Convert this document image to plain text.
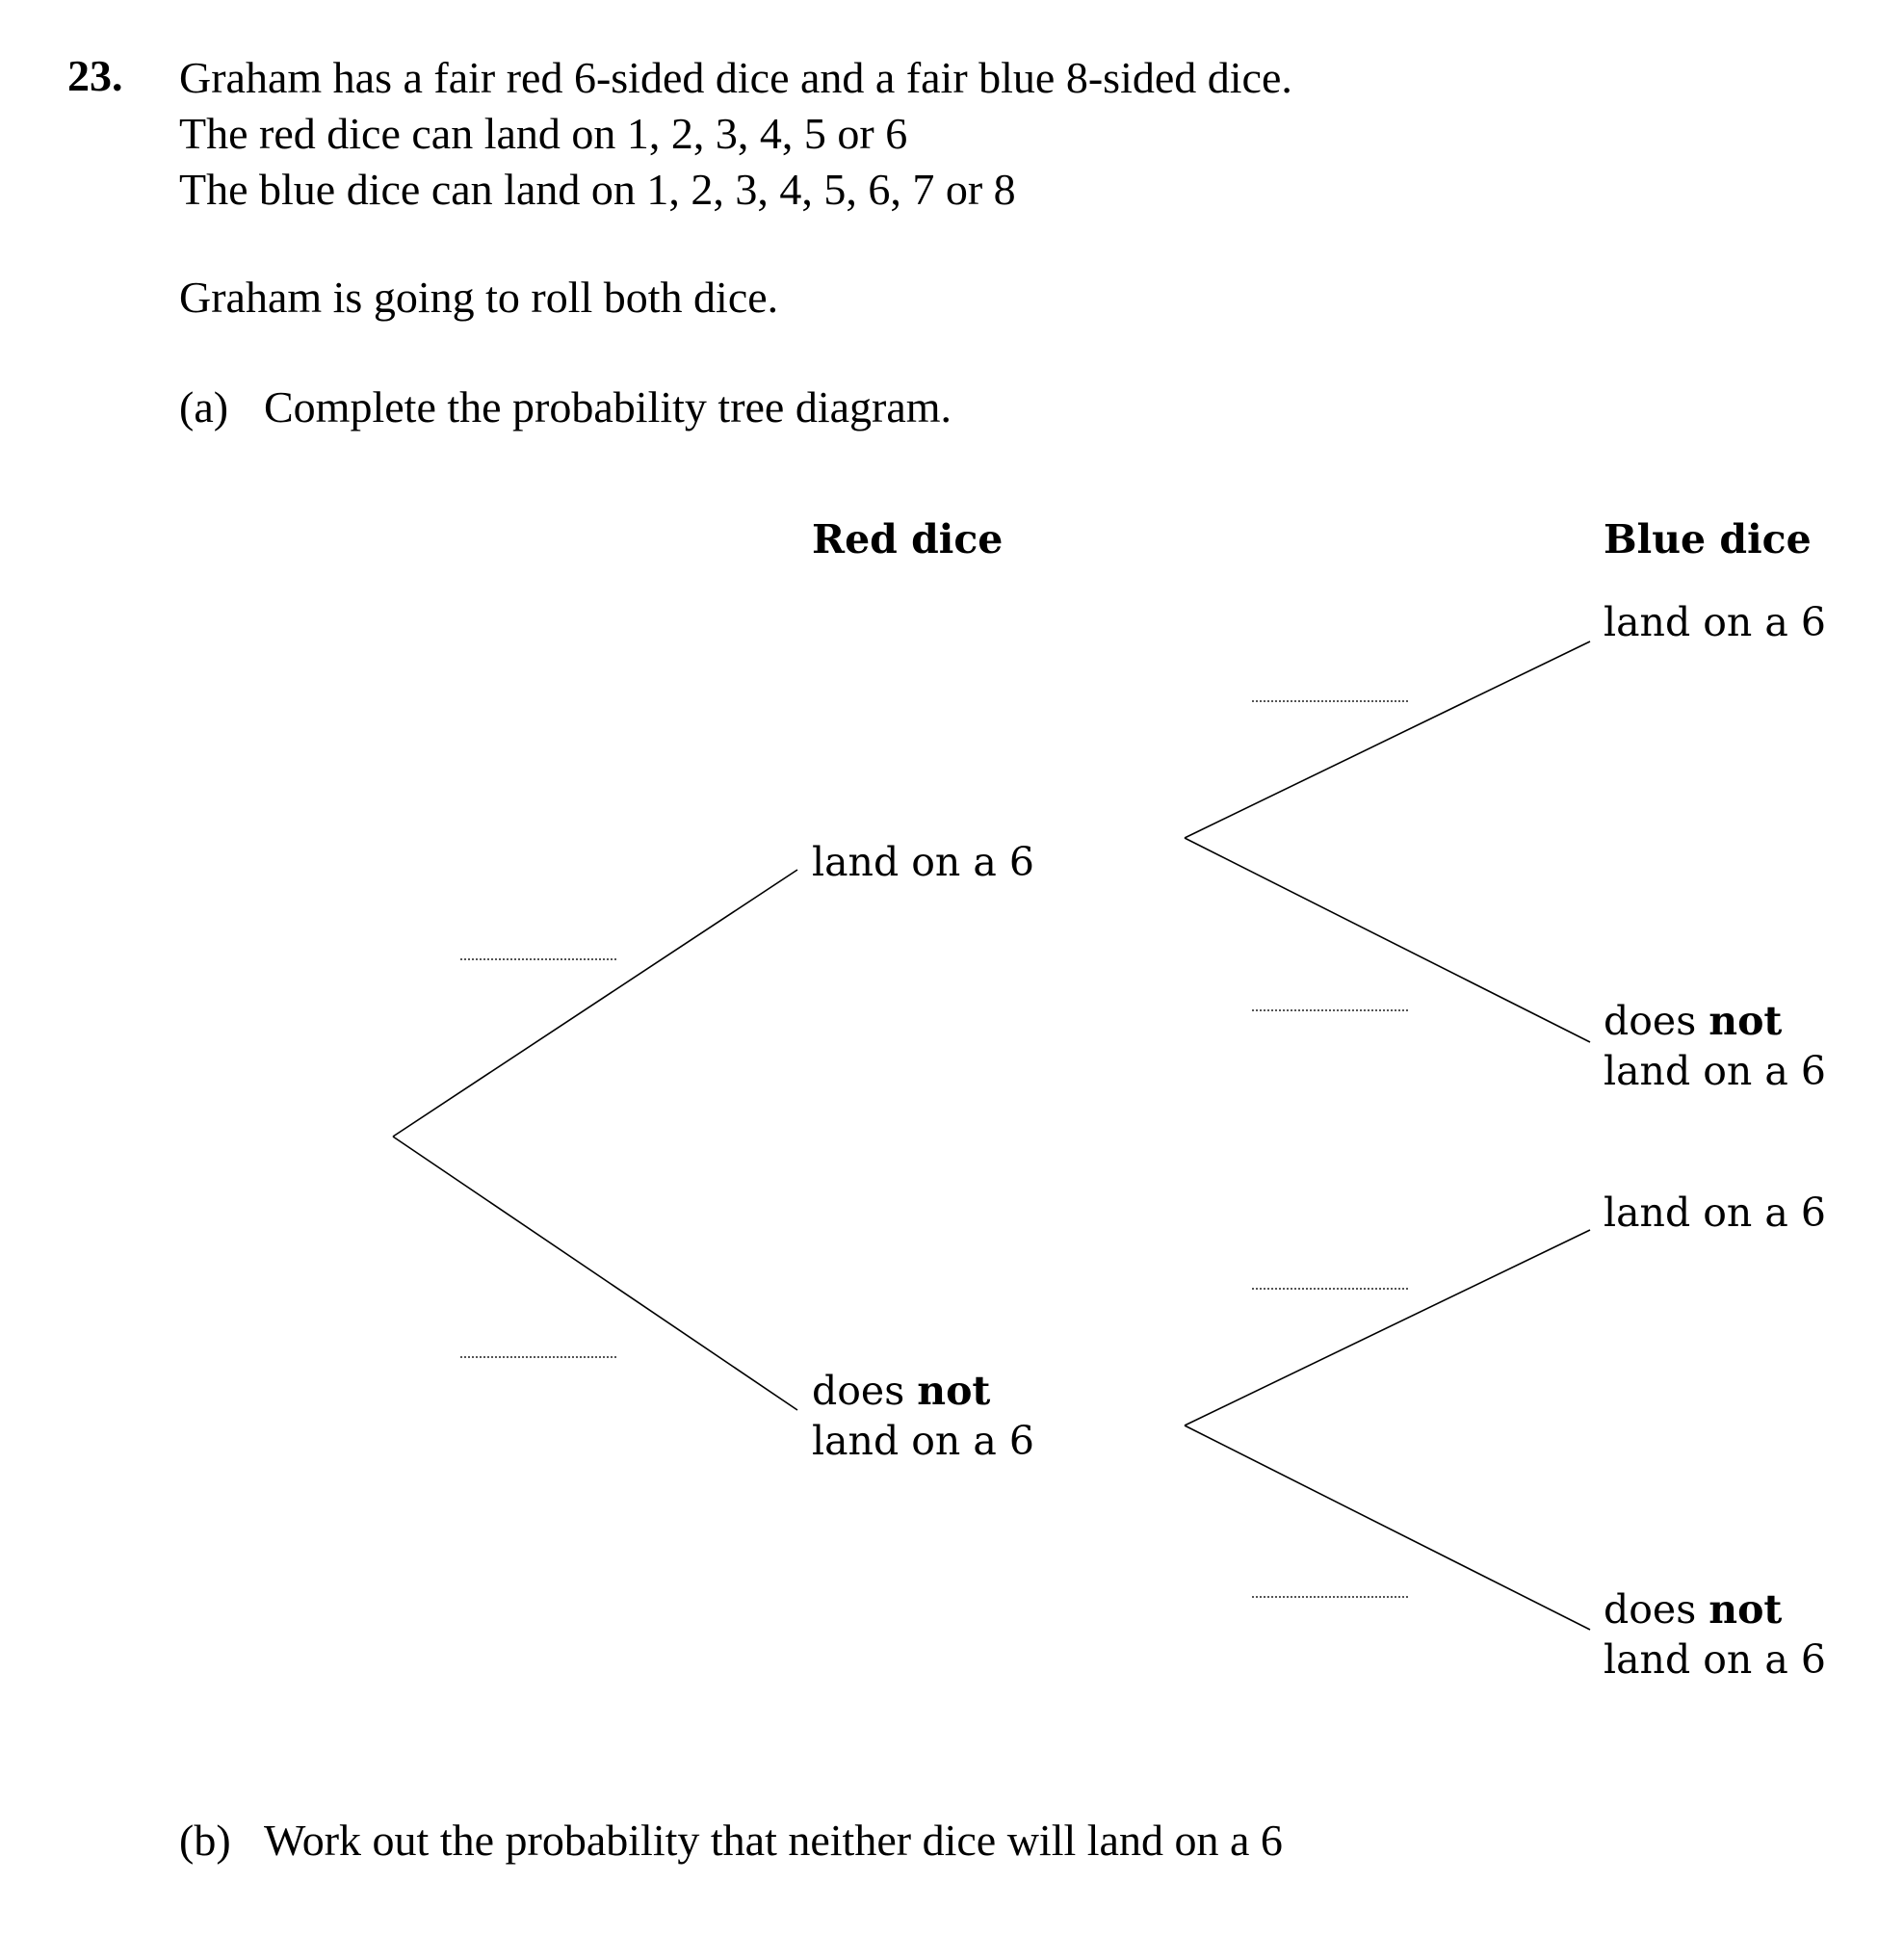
23. Graham has a fair red 6-sided dice and a fair blue 8-sided dice.
The red dice can land on 1, 2, 3, 4, 5 or 6
The blue dice can land on 1, 2, 3, 4, 5, 6, 7 or 8
Graham is going to roll both dice.
(a) Complete the probability tree diagram.
Red dice	Blue dice
land on a 6
does not
land on a 6
land on a 6
does not
land on a 6
land on a 6
does not
land on a 6
(b) Work out the probability that neither dice will land on a 6
